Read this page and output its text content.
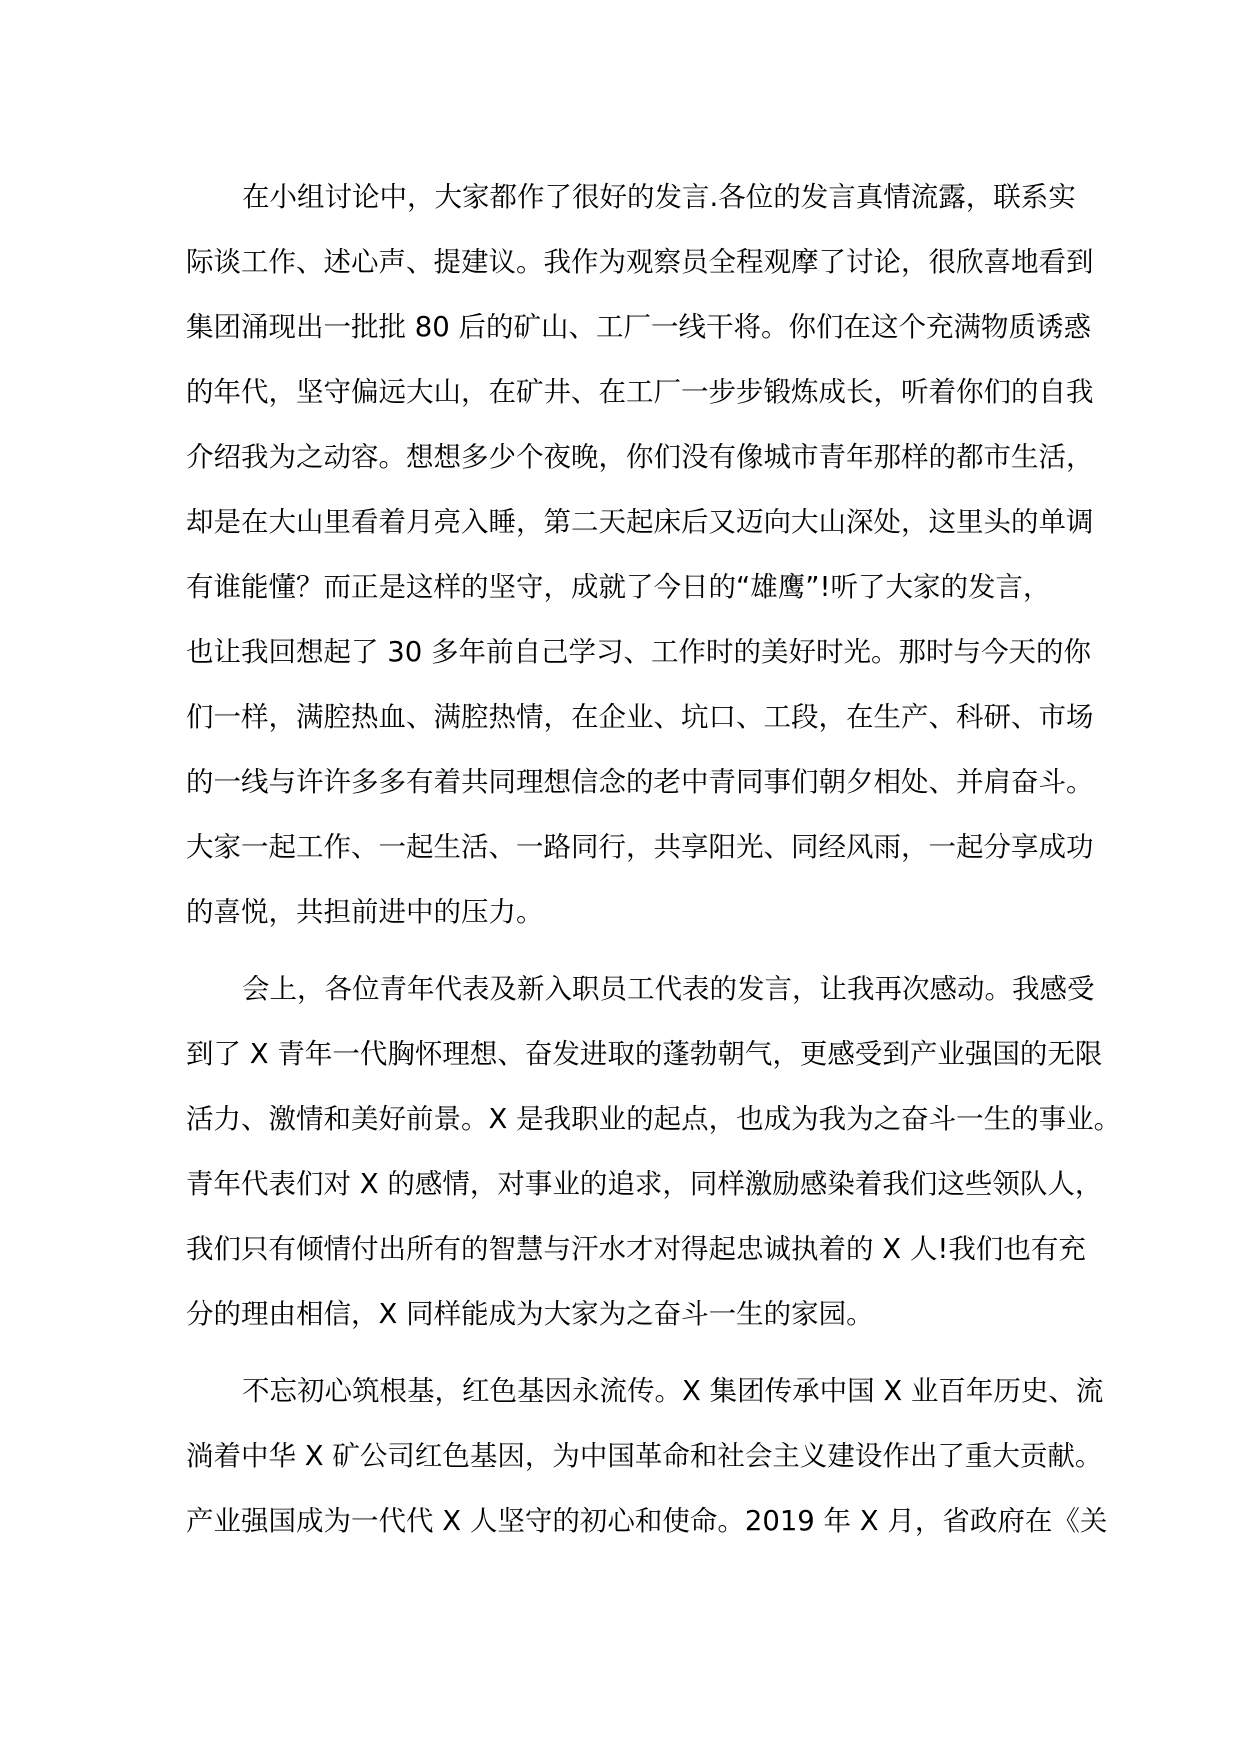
在小组讨论中，大家都作了很好的发言.各位的发言真情流露，联系实
际谈工作、述心声、提建议。我作为观察员全程观摩了讨论，很欣喜地看到
集团涌现出一批批 80 后的矿山、工厂一线干将。你们在这个充满物质诱惑
的年代，坚守偏远大山，在矿井、在工厂一步步锻炼成长，听着你们的自我
介绍我为之动容。想想多少个夜晚，你们没有像城市青年那样的都市生活，
却是在大山里看着月亮入睡，第二天起床后又迈向大山深处，这里头的单调
有谁能懂？而正是这样的坚守，成就了今日的“雄鹰”!听了大家的发言，
也让我回想起了 30 多年前自己学习、工作时的美好时光。那时与今天的你
们一样，满腔热血、满腔热情，在企业、坑口、工段，在生产、科研、市场
的一线与许许多多有着共同理想信念的老中青同事们朝夕相处、并肩奋斗。
大家一起工作、一起生活、一路同行，共享阳光、同经风雨，一起分享成功
的喜悦，共担前进中的压力。
会上，各位青年代表及新入职员工代表的发言，让我再次感动。我感受
到了 X 青年一代胸怀理想、奋发进取的蓬勃朝气，更感受到产业强国的无限
活力、激情和美好前景。X 是我职业的起点，也成为我为之奋斗一生的事业。
青年代表们对 X 的感情，对事业的追求，同样激励感染着我们这些领队人，
我们只有倾情付出所有的智慧与汗水才对得起忠诚执着的 X 人!我们也有充
分的理由相信，X 同样能成为大家为之奋斗一生的家园。
不忘初心筑根基，红色基因永流传。X 集团传承中国 X 业百年历史、流
淌着中华 X 矿公司红色基因，为中国革命和社会主义建设作出了重大贡献。
产业强国成为一代代 X 人坚守的初心和使命。2019 年 X 月，省政府在《关
